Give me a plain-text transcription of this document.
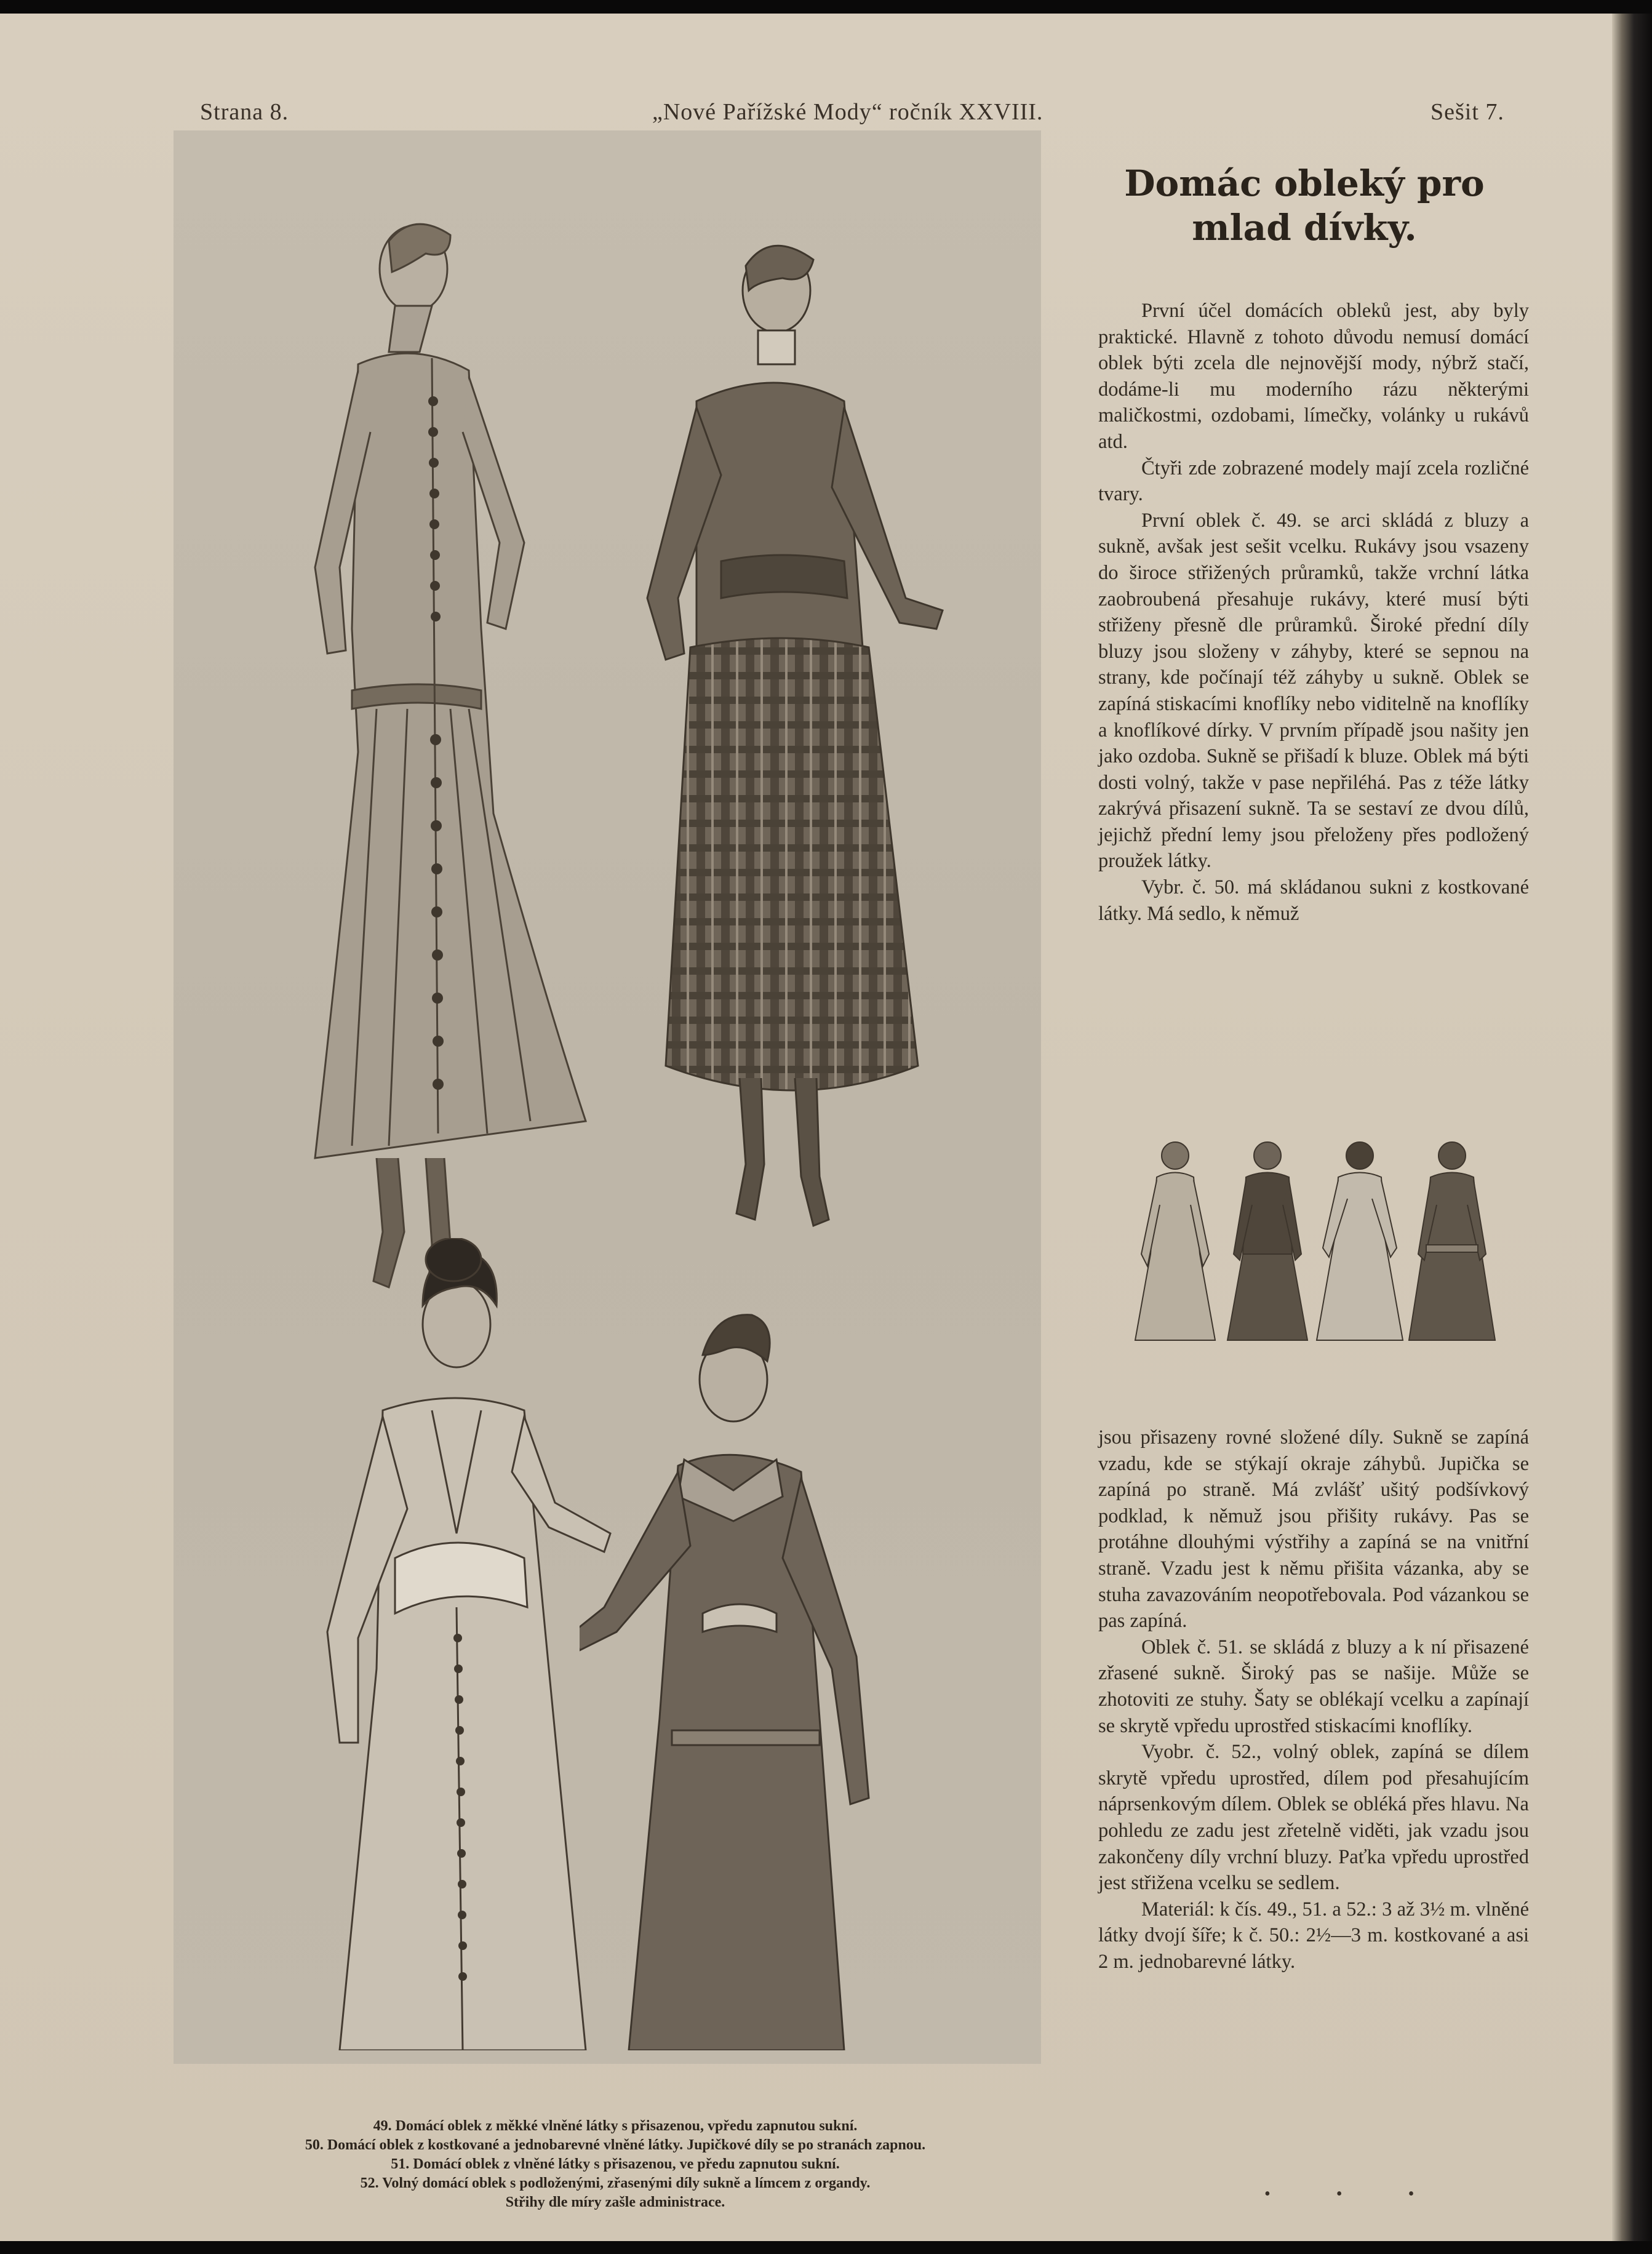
Strana 8.	„Nové Pařížské Mody“ ročník XXVIII.	Sešit 7.
49. Domácí oblek z měkké vlněné látky s přisazenou, vpředu zapnutou sukní.
50. Domácí oblek z kostkované a jednobarevné vlněné látky. Jupičkové díly se po stranách zapnou.
51. Domácí oblek z vlněné látky s přisazenou, ve předu zapnutou sukní.
52. Volný domácí oblek s podloženými, zřasenými díly sukně a límcem z organdy.
Střihy dle míry zašle administrace.
Domác obleký pro
mlad dívky.

První účel domácích obleků jest, aby byly praktické. Hlavně z tohoto důvodu nemusí domácí oblek býti zcela dle nejnovější mody, nýbrž stačí, dodáme-li mu moderního rázu některými maličkostmi, ozdobami, límečky, volánky u rukávů atd.

Čtyři zde zobrazené modely mají zcela rozličné tvary.

První oblek č. 49. se arci skládá z bluzy a sukně, avšak jest sešit vcelku. Rukávy jsou vsazeny do široce střižených průramků, takže vrchní látka zaobroubená přesahuje rukávy, které musí býti střiženy přesně dle průramků. Široké přední díly bluzy jsou složeny v záhyby, které se sepnou na strany, kde počínají též záhyby u sukně. Oblek se zapíná stiskacími knoflíky nebo viditelně na knoflíky a knoflíkové dírky. V prvním případě jsou našity jen jako ozdoba. Sukně se přišadí k bluze. Oblek má býti dosti volný, takže v pase nepřiléhá. Pas z téže látky zakrývá přisazení sukně. Ta se sestaví ze dvou dílů, jejichž přední lemy jsou přeloženy přes podložený proužek látky.

Vybr. č. 50. má skládanou sukni z kostkované látky. Má sedlo, k němuž

jsou přisazeny rovné složené díly. Sukně se zapíná vzadu, kde se stýkají okraje záhybů. Jupička se zapíná po straně. Má zvlášť ušitý podšívkový podklad, k němuž jsou přišity rukávy. Pas se protáhne dlouhými výstřihy a zapíná se na vnitřní straně. Vzadu jest k němu přišita vázanka, aby se stuha zavazováním neopotřebovala. Pod vázankou se pas zapíná.

Oblek č. 51. se skládá z bluzy a k ní přisazené zřasené sukně. Široký pas se našije. Může se zhotoviti ze stuhy. Šaty se oblékají vcelku a zapínají se skrytě vpředu uprostřed stiskacími knoflíky.

Vyobr. č. 52., volný oblek, zapíná se dílem skrytě vpředu uprostřed, dílem pod přesahujícím náprsenkovým dílem. Oblek se obléká přes hlavu. Na pohledu ze zadu jest zřetelně viděti, jak vzadu jsou zakončeny díly vrchní bluzy. Paťka vpředu uprostřed jest střižena vcelku se sedlem.

Materiál: k čís. 49., 51. a 52.: 3 až 3½ m. vlněné látky dvojí šíře; k č. 50.: 2½—3 m. kostkované a asi 2 m. jednobarevné látky.

• • •
